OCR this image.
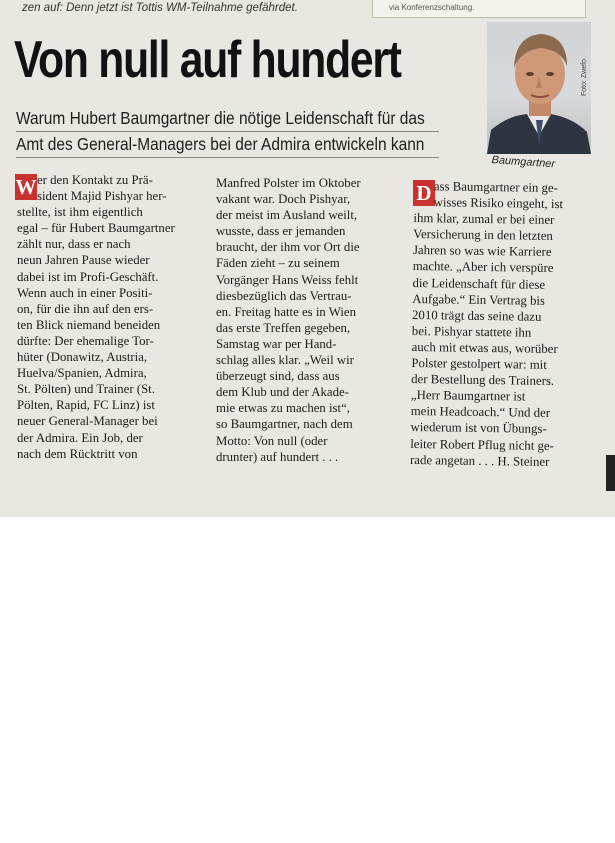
zen auf: Denn jetzt ist Tottis WM-Teilnahme gefährdet.	via Konferenzschaltung.
Von null auf hundert
Warum Hubert Baumgartner die nötige Leidenschaft für das
Amt des General-Managers bei der Admira entwickeln kann
Foto: Zwefo
Baumgartner
W er den Kontakt zu Prä-
sident Majid Pishyar her-
stellte, ist ihm eigentlich
egal – für Hubert Baumgartner
zählt nur, dass er nach
neun Jahren Pause wieder
dabei ist im Profi-Geschäft.
Wenn auch in einer Positi-
on, für die ihn auf den ers-
ten Blick niemand beneiden
dürfte: Der ehemalige Tor-
hüter (Donawitz, Austria,
Huelva/Spanien, Admira,
St. Pölten) und Trainer (St.
Pölten, Rapid, FC Linz) ist
neuer General-Manager bei
der Admira. Ein Job, der
nach dem Rücktritt von
Manfred Polster im Oktober
vakant war. Doch Pishyar,
der meist im Ausland weilt,
wusste, dass er jemanden
braucht, der ihm vor Ort die
Fäden zieht – zu seinem
Vorgänger Hans Weiss fehlt
diesbezüglich das Vertrau-
en. Freitag hatte es in Wien
das erste Treffen gegeben,
Samstag war per Hand-
schlag alles klar. „Weil wir
überzeugt sind, dass aus
dem Klub und der Akade-
mie etwas zu machen ist“,
so Baumgartner, nach dem
Motto: Von null (oder
drunter) auf hundert . . .
D ass Baumgartner ein ge-
wisses Risiko eingeht, ist
ihm klar, zumal er bei einer
Versicherung in den letzten
Jahren so was wie Karriere
machte. „Aber ich verspüre
die Leidenschaft für diese
Aufgabe.“ Ein Vertrag bis
2010 trägt das seine dazu
bei. Pishyar stattete ihn
auch mit etwas aus, worüber
Polster gestolpert war: mit
der Bestellung des Trainers.
„Herr Baumgartner ist
mein Headcoach.“ Und der
wiederum ist von Übungs-
leiter Robert Pflug nicht ge-
rade angetan . . . H. Steiner
